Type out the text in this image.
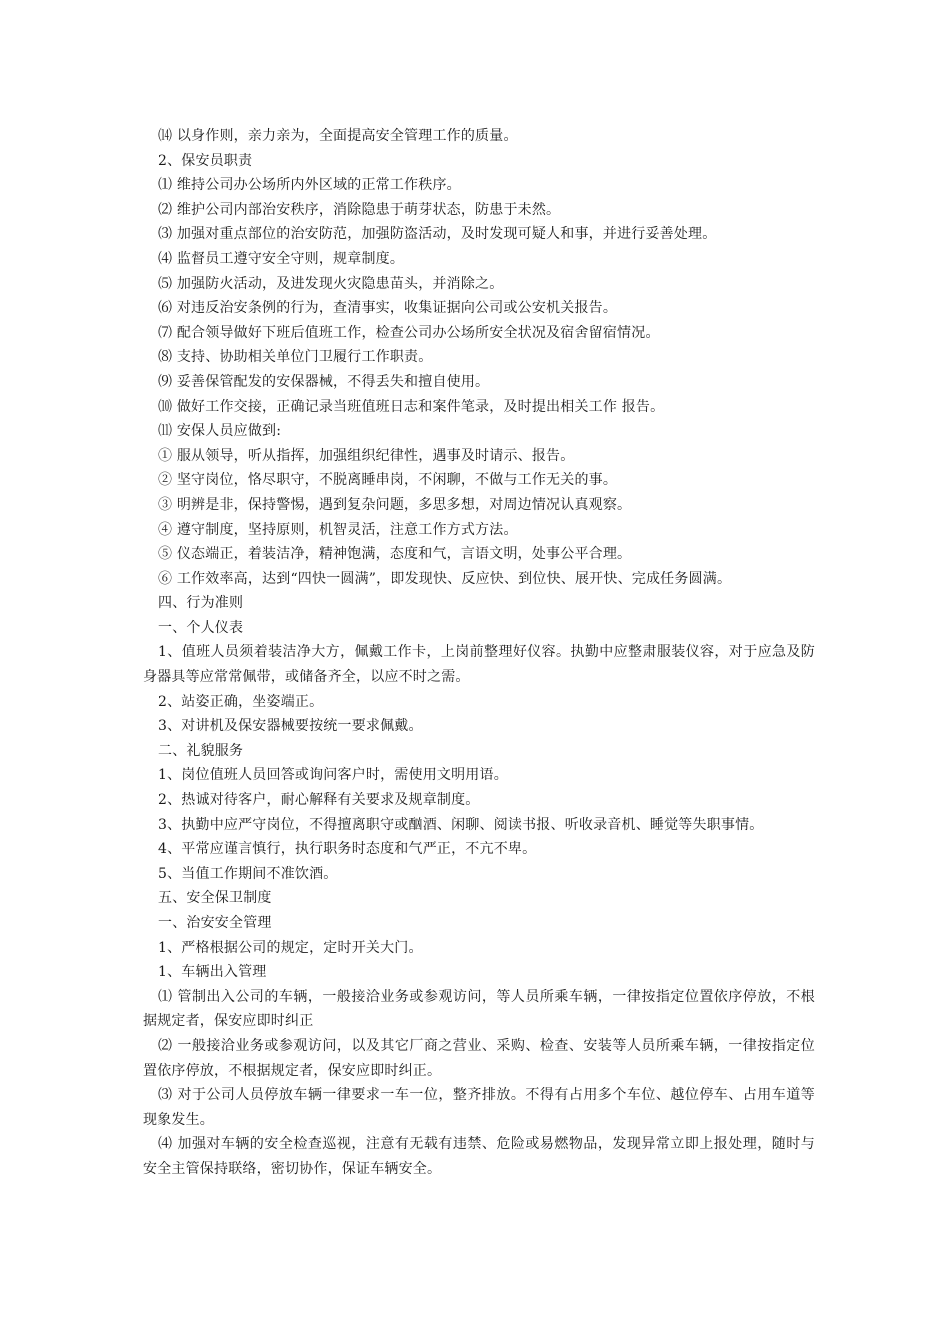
⒁ 以身作则，亲力亲为，全面提高安全管理工作的质量。

2、保安员职责

⑴ 维持公司办公场所内外区域的正常工作秩序。

⑵ 维护公司内部治安秩序，消除隐患于萌芽状态，防患于未然。

⑶ 加强对重点部位的治安防范，加强防盗活动，及时发现可疑人和事，并进行妥善处理。

⑷ 监督员工遵守安全守则，规章制度。

⑸ 加强防火活动，及进发现火灾隐患苗头，并消除之。

⑹ 对违反治安条例的行为，查清事实，收集证据向公司或公安机关报告。

⑺ 配合领导做好下班后值班工作，检查公司办公场所安全状况及宿舍留宿情况。

⑻ 支持、协助相关单位门卫履行工作职责。

⑼ 妥善保管配发的安保器械，不得丢失和擅自使用。

⑽ 做好工作交接，正确记录当班值班日志和案件笔录，及时提出相关工作 报告。

⑾ 安保人员应做到:

① 服从领导，听从指挥，加强组织纪律性，遇事及时请示、报告。

② 坚守岗位，恪尽职守，不脱离睡串岗，不闲聊，不做与工作无关的事。

③ 明辨是非，保持警惕，遇到复杂问题，多思多想，对周边情况认真观察。

④ 遵守制度，坚持原则，机智灵活，注意工作方式方法。

⑤ 仪态端正，着装洁净，精神饱满，态度和气，言语文明，处事公平合理。

⑥ 工作效率高，达到“四快一圆满”，即发现快、反应快、到位快、展开快、完成任务圆满。

四、行为准则

一、个人仪表

1、值班人员须着装洁净大方，佩戴工作卡，上岗前整理好仪容。执勤中应整肃服装仪容，对于应急及防身器具等应常常佩带，或储备齐全，以应不时之需。

2、站姿正确，坐姿端正。

3、对讲机及保安器械要按统一要求佩戴。

二、礼貌服务

1、岗位值班人员回答或询问客户时，需使用文明用语。

2、热诚对待客户，耐心解释有关要求及规章制度。

3、执勤中应严守岗位，不得擅离职守或酗酒、闲聊、阅读书报、听收录音机、睡觉等失职事情。

4、平常应谨言慎行，执行职务时态度和气严正，不亢不卑。

5、当值工作期间不准饮酒。

五、安全保卫制度

一、治安安全管理

1、严格根据公司的规定，定时开关大门。

1、车辆出入管理

⑴ 管制出入公司的车辆，一般接洽业务或参观访问，等人员所乘车辆，一律按指定位置依序停放，不根据规定者，保安应即时纠正

⑵ 一般接洽业务或参观访问，以及其它厂商之营业、采购、检查、安装等人员所乘车辆，一律按指定位置依序停放，不根据规定者，保安应即时纠正。

⑶ 对于公司人员停放车辆一律要求一车一位，整齐排放。不得有占用多个车位、越位停车、占用车道等现象发生。

⑷ 加强对车辆的安全检查巡视，注意有无载有违禁、危险或易燃物品，发现异常立即上报处理，随时与安全主管保持联络，密切协作，保证车辆安全。
